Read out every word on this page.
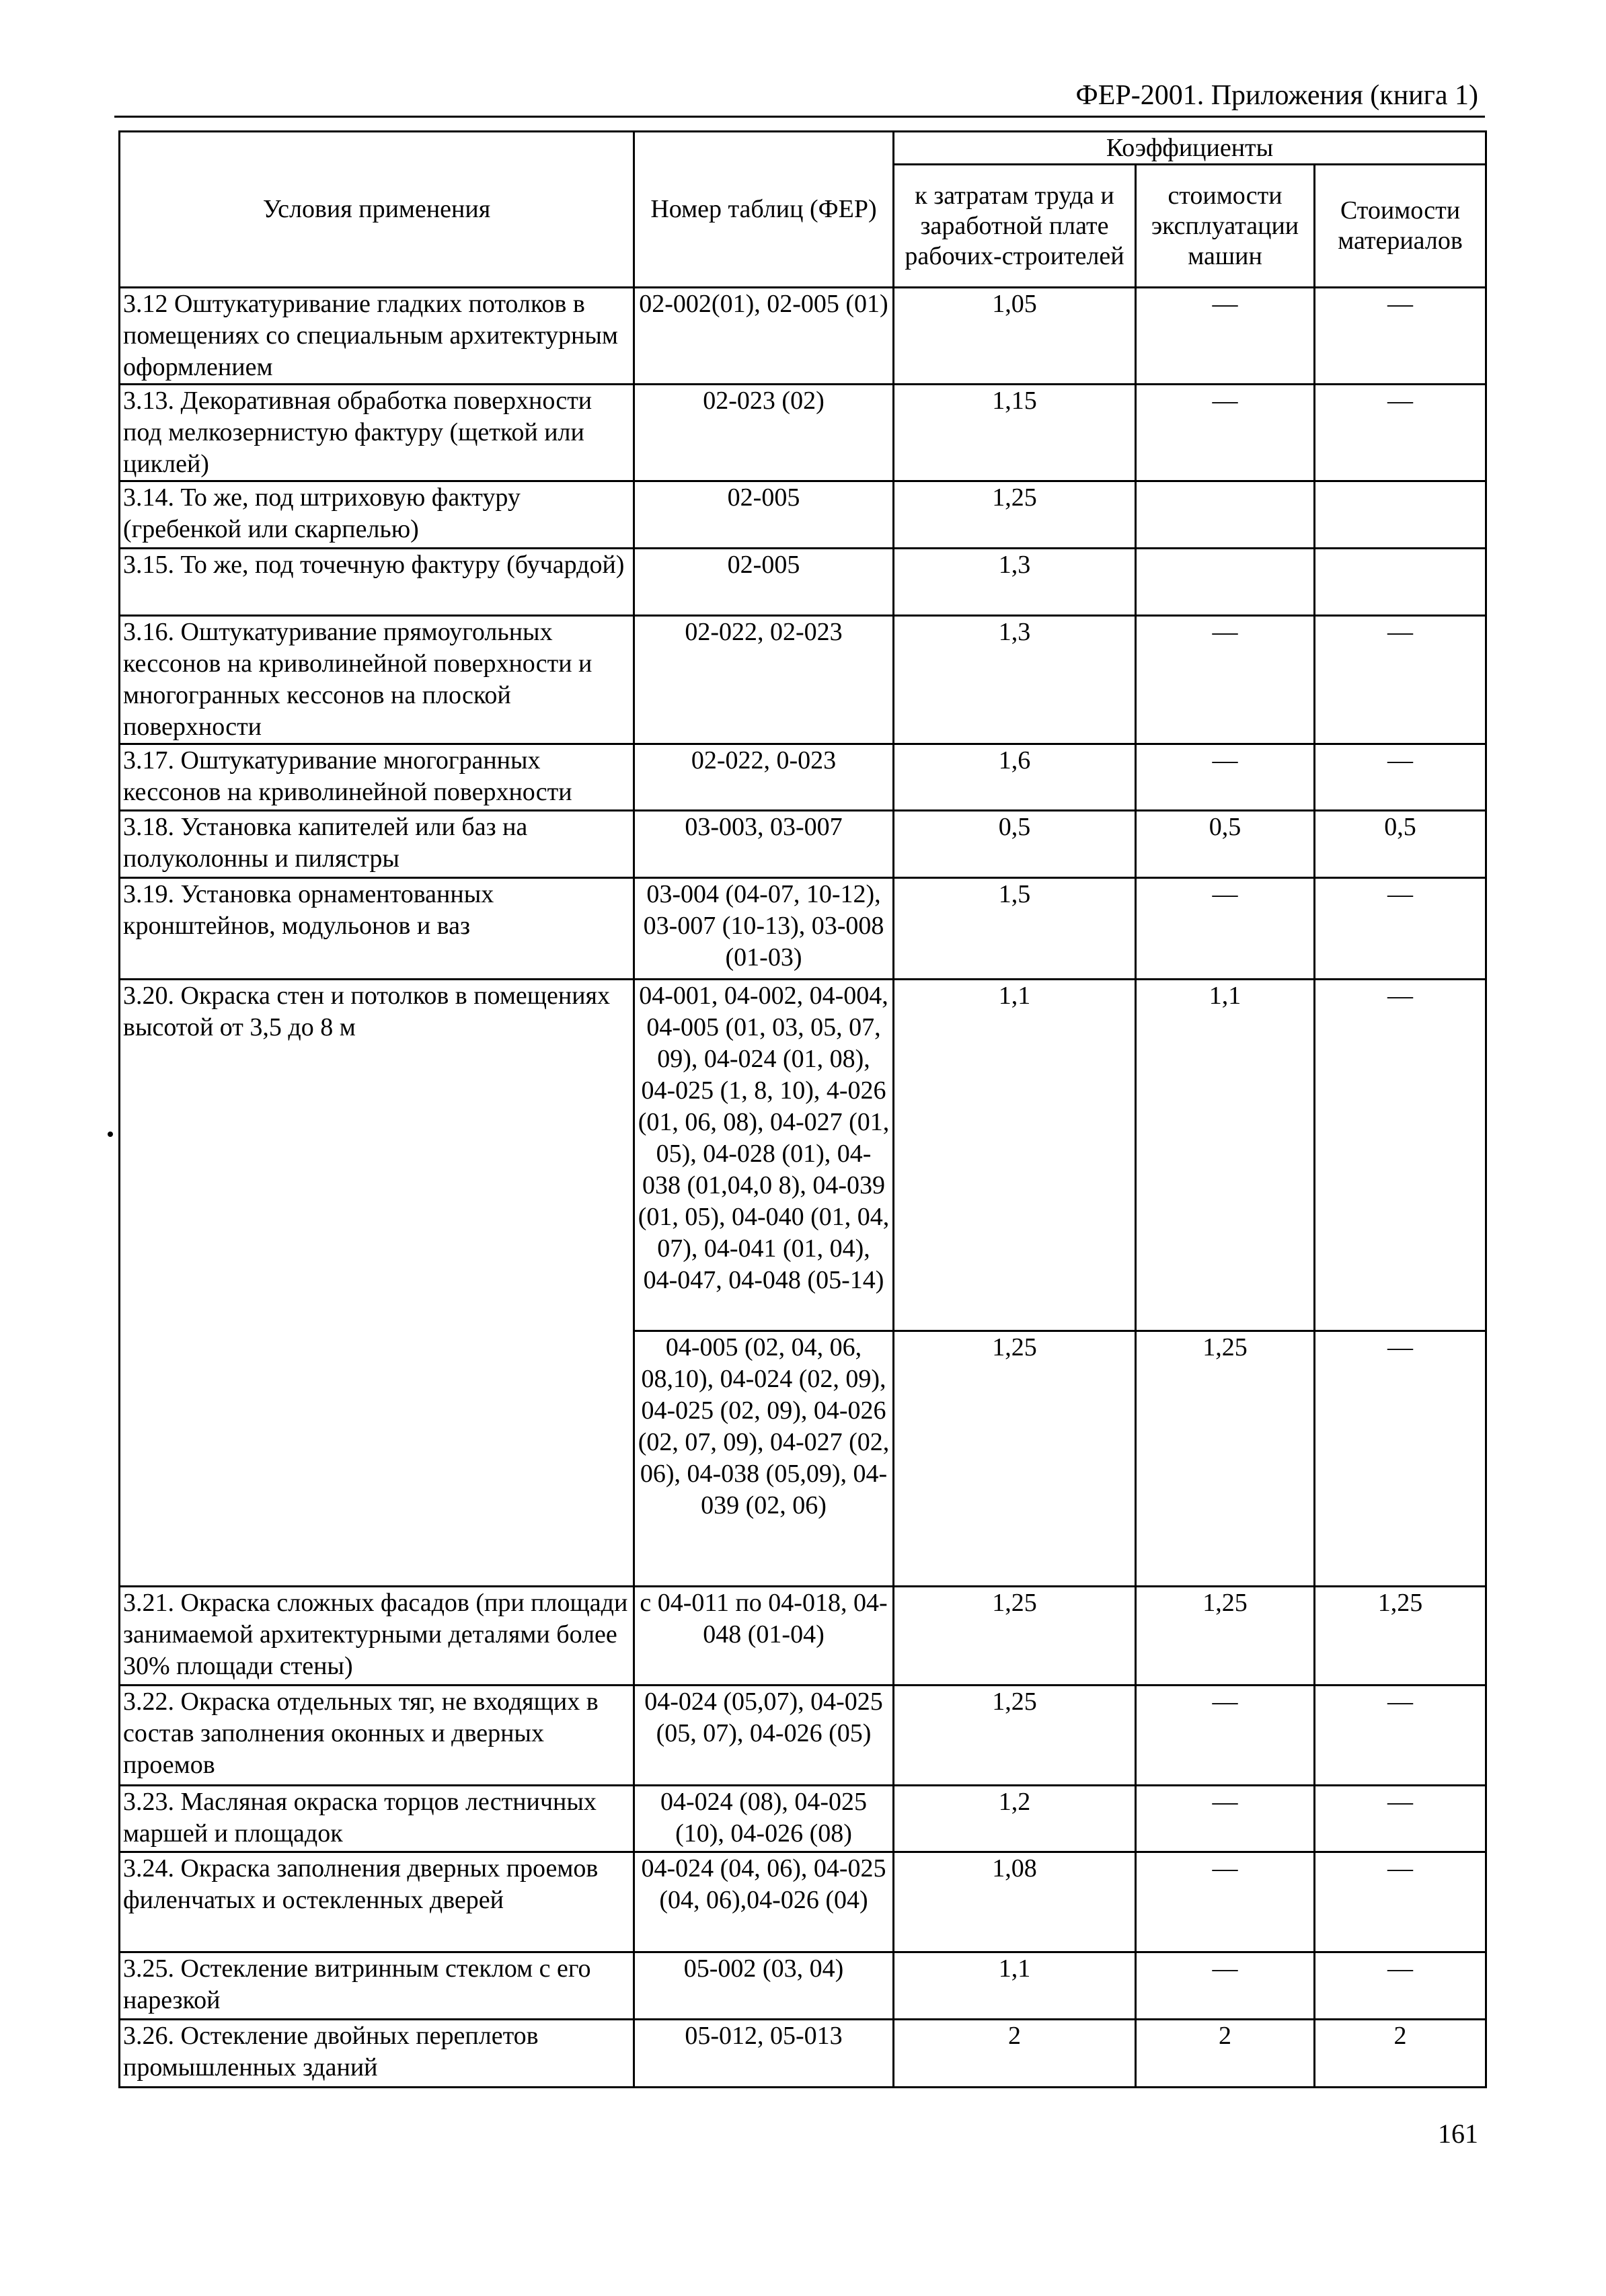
ФЕР-2001. Приложения (книга 1)
Условия применения	Номер таблиц (ФЕР)	Коэффициенты		
		к затратам труда и заработной плате рабочих-строителей	стоимости эксплуатации машин	Стоимости материалов
3.12 Оштукатуривание гладких потолков в помещениях со специальным архитектурным оформлением	02-002(01), 02-005 (01)	1,05	—	—
3.13. Декоративная обработка поверхности под мелкозернистую фактуру (щеткой или циклей)	02-023 (02)	1,15	—	—
3.14. То же, под штриховую фактуру (гребенкой или скарпелью)	02-005	1,25		
3.15. То же, под точечную фактуру (бучардой)	02-005	1,3		
3.16. Оштукатуривание прямоугольных кессонов на криволинейной поверхности и многогранных кессонов на плоской поверхности	02-022, 02-023	1,3	—	—
3.17. Оштукатуривание многогранных кессонов на криволинейной поверхности	02-022, 0-023	1,6	—	—
3.18. Установка капителей или баз на полуколонны и пилястры	03-003, 03-007	0,5	0,5	0,5
3.19. Установка орнаментованных кронштейнов, модульонов и ваз	03-004 (04-07, 10-12), 03-007 (10-13), 03-008 (01-03)	1,5	—	—
3.20. Окраска стен и потолков в помещениях высотой от 3,5 до 8 м	04-001, 04-002, 04-004, 04-005 (01, 03, 05, 07, 09), 04-024 (01, 08), 04-025 (1, 8, 10), 4-026 (01, 06, 08), 04-027 (01, 05), 04-028 (01), 04-038 (01,04,0 8), 04-039 (01, 05), 04-040 (01, 04, 07), 04-041 (01, 04), 04-047, 04-048 (05-14)	1,1	1,1	—
	04-005 (02, 04, 06, 08,10), 04-024 (02, 09), 04-025 (02, 09), 04-026 (02, 07, 09), 04-027 (02, 06), 04-038 (05,09), 04-039 (02, 06)	1,25	1,25	—
3.21. Окраска сложных фасадов (при площади занимаемой архитектурными деталями более 30% площади стены)	с 04-011 по 04-018, 04-048 (01-04)	1,25	1,25	1,25
3.22. Окраска отдельных тяг, не входящих в состав заполнения оконных и дверных проемов	04-024 (05,07), 04-025 (05, 07), 04-026 (05)	1,25	—	—
3.23. Масляная окраска торцов лестничных маршей и площадок	04-024 (08), 04-025 (10), 04-026 (08)	1,2	—	—
3.24. Окраска заполнения дверных проемов филенчатых и остекленных дверей	04-024 (04, 06), 04-025 (04, 06),04-026 (04)	1,08	—	—
3.25. Остекление витринным стеклом с его нарезкой	05-002 (03, 04)	1,1	—	—
3.26. Остекление двойных переплетов промышленных зданий	05-012, 05-013	2	2	2
161
